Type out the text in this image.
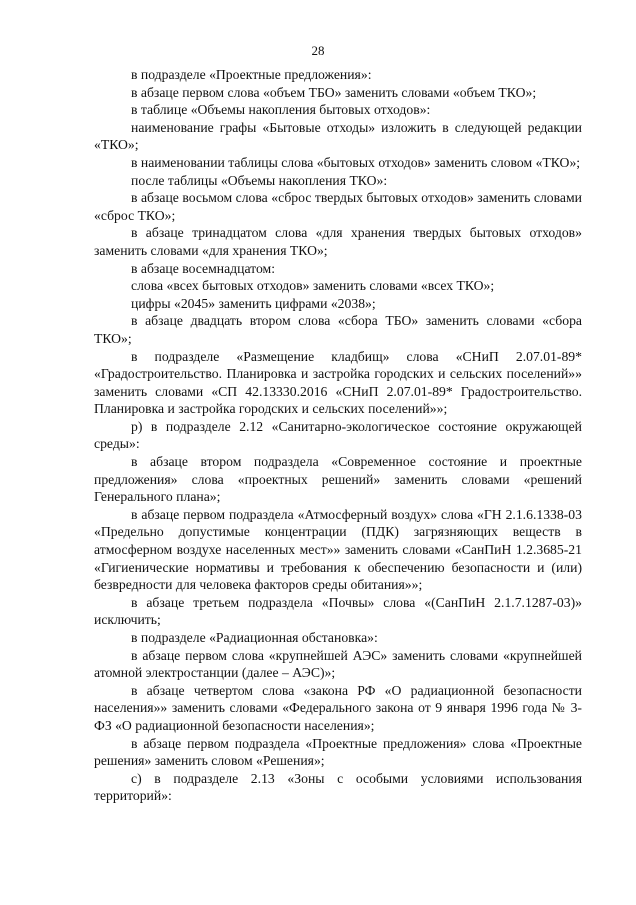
28

в подразделе «Проектные предложения»:

в абзаце первом слова «объем ТБО» заменить словами «объем ТКО»;

в таблице «Объемы накопления бытовых отходов»:

наименование графы «Бытовые отходы» изложить в следующей редакции «ТКО»;

в наименовании таблицы слова «бытовых отходов» заменить словом «ТКО»;

после таблицы «Объемы накопления ТКО»:

в абзаце восьмом слова «сброс твердых бытовых отходов» заменить словами «сброс ТКО»;

в абзаце тринадцатом слова «для хранения твердых бытовых отходов» заменить словами «для хранения ТКО»;

в абзаце восемнадцатом:

слова «всех бытовых отходов» заменить словами «всех ТКО»;

цифры «2045» заменить цифрами «2038»;

в абзаце двадцать втором слова «сбора ТБО» заменить словами «сбора ТКО»;

в подразделе «Размещение кладбищ» слова «СНиП 2.07.01-89* «Градостроительство. Планировка и застройка городских и сельских поселений»» заменить словами «СП 42.13330.2016 «СНиП 2.07.01-89* Градостроительство. Планировка и застройка городских и сельских поселений»»;

р) в подразделе 2.12 «Санитарно-экологическое состояние окружающей среды»:

в абзаце втором подраздела «Современное состояние и проектные предложения» слова «проектных решений» заменить словами «решений Генерального плана»;

в абзаце первом подраздела «Атмосферный воздух» слова «ГН 2.1.6.1338-03 «Предельно допустимые концентрации (ПДК) загрязняющих веществ в атмосферном воздухе населенных мест»» заменить словами «СанПиН 1.2.3685-21 «Гигиенические нормативы и требования к обеспечению безопасности и (или) безвредности для человека факторов среды обитания»»;

в абзаце третьем подраздела «Почвы» слова «(СанПиН 2.1.7.1287-03)» исключить;

в подразделе «Радиационная обстановка»:

в абзаце первом слова «крупнейшей АЭС» заменить словами «крупнейшей атомной электростанции (далее – АЭС)»;

в абзаце четвертом слова «закона РФ «О радиационной безопасности населения»» заменить словами «Федерального закона от 9 января 1996 года № 3-ФЗ «О радиационной безопасности населения»;

в абзаце первом подраздела «Проектные предложения» слова «Проектные решения» заменить словом «Решения»;

с) в подразделе 2.13 «Зоны с особыми условиями использования территорий»:
